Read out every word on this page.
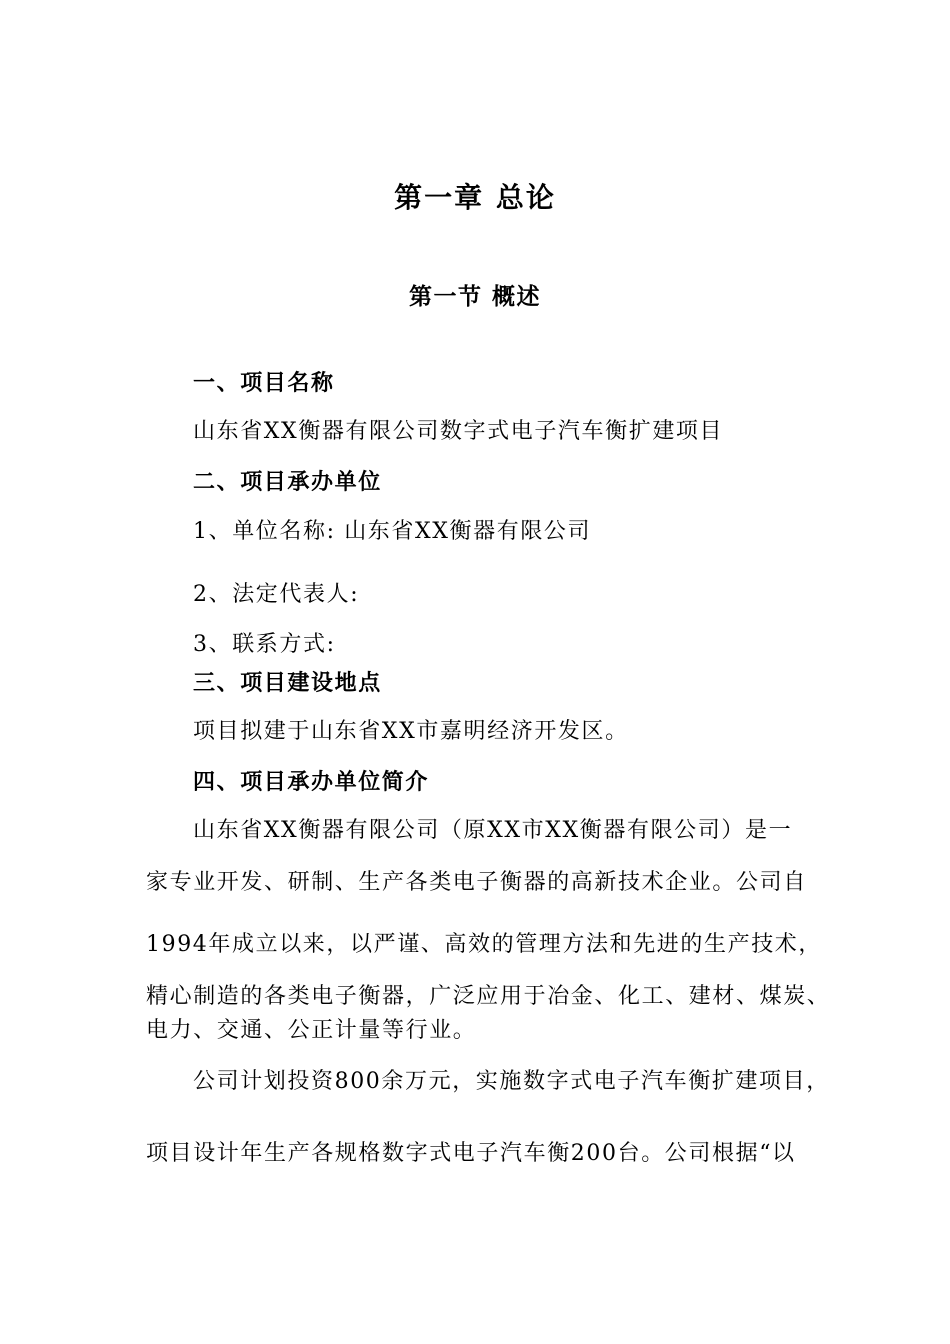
第一章 总论
第一节 概述
一、项目名称
山东省XX衡器有限公司数字式电子汽车衡扩建项目
二、项目承办单位
1、单位名称: 山东省XX衡器有限公司
2、法定代表人:
3、联系方式:
三、项目建设地点
项目拟建于山东省XX市嘉明经济开发区。
四、项目承办单位简介
山东省XX衡器有限公司（原XX市XX衡器有限公司）是一
家专业开发、研制、生产各类电子衡器的高新技术企业。公司自
1994年成立以来，以严谨、高效的管理方法和先进的生产技术，
精心制造的各类电子衡器，广泛应用于冶金、化工、建材、煤炭、
电力、交通、公正计量等行业。
公司计划投资800余万元，实施数字式电子汽车衡扩建项目，
项目设计年生产各规格数字式电子汽车衡200台。公司根据“以
